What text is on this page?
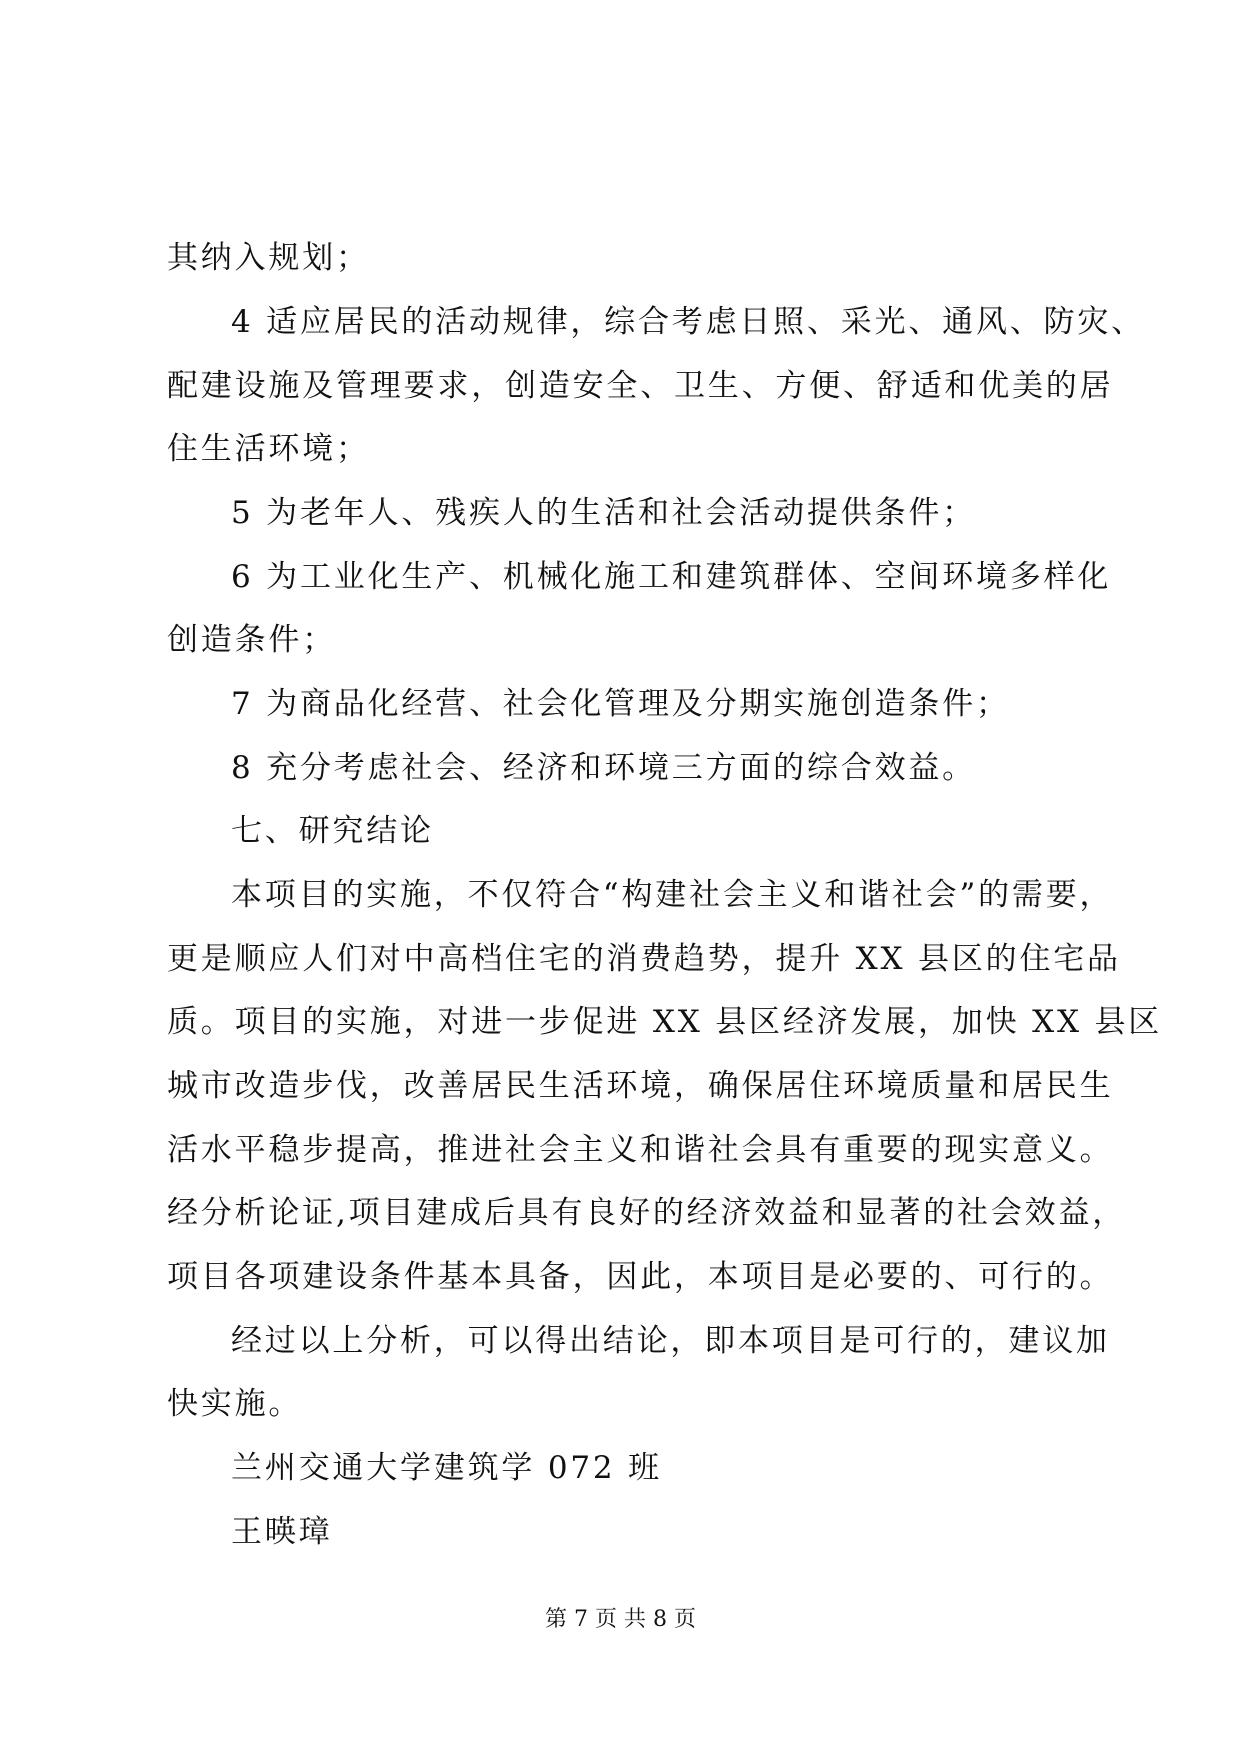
其纳入规划；
4 适应居民的活动规律，综合考虑日照、采光、通风、防灾、
配建设施及管理要求，创造安全、卫生、方便、舒适和优美的居
住生活环境；
5 为老年人、残疾人的生活和社会活动提供条件；
6 为工业化生产、机械化施工和建筑群体、空间环境多样化
创造条件；
7 为商品化经营、社会化管理及分期实施创造条件；
8 充分考虑社会、经济和环境三方面的综合效益。
七、研究结论
本项目的实施，不仅符合“构建社会主义和谐社会”的需要，
更是顺应人们对中高档住宅的消费趋势，提升 XX 县区的住宅品
质。项目的实施，对进一步促进 XX 县区经济发展，加快 XX 县区
城市改造步伐，改善居民生活环境，确保居住环境质量和居民生
活水平稳步提高，推进社会主义和谐社会具有重要的现实意义。
经分析论证,项目建成后具有良好的经济效益和显著的社会效益，
项目各项建设条件基本具备，因此，本项目是必要的、可行的。
经过以上分析，可以得出结论，即本项目是可行的，建议加
快实施。
兰州交通大学建筑学 072 班
王暎璋
第 7 页 共 8 页
